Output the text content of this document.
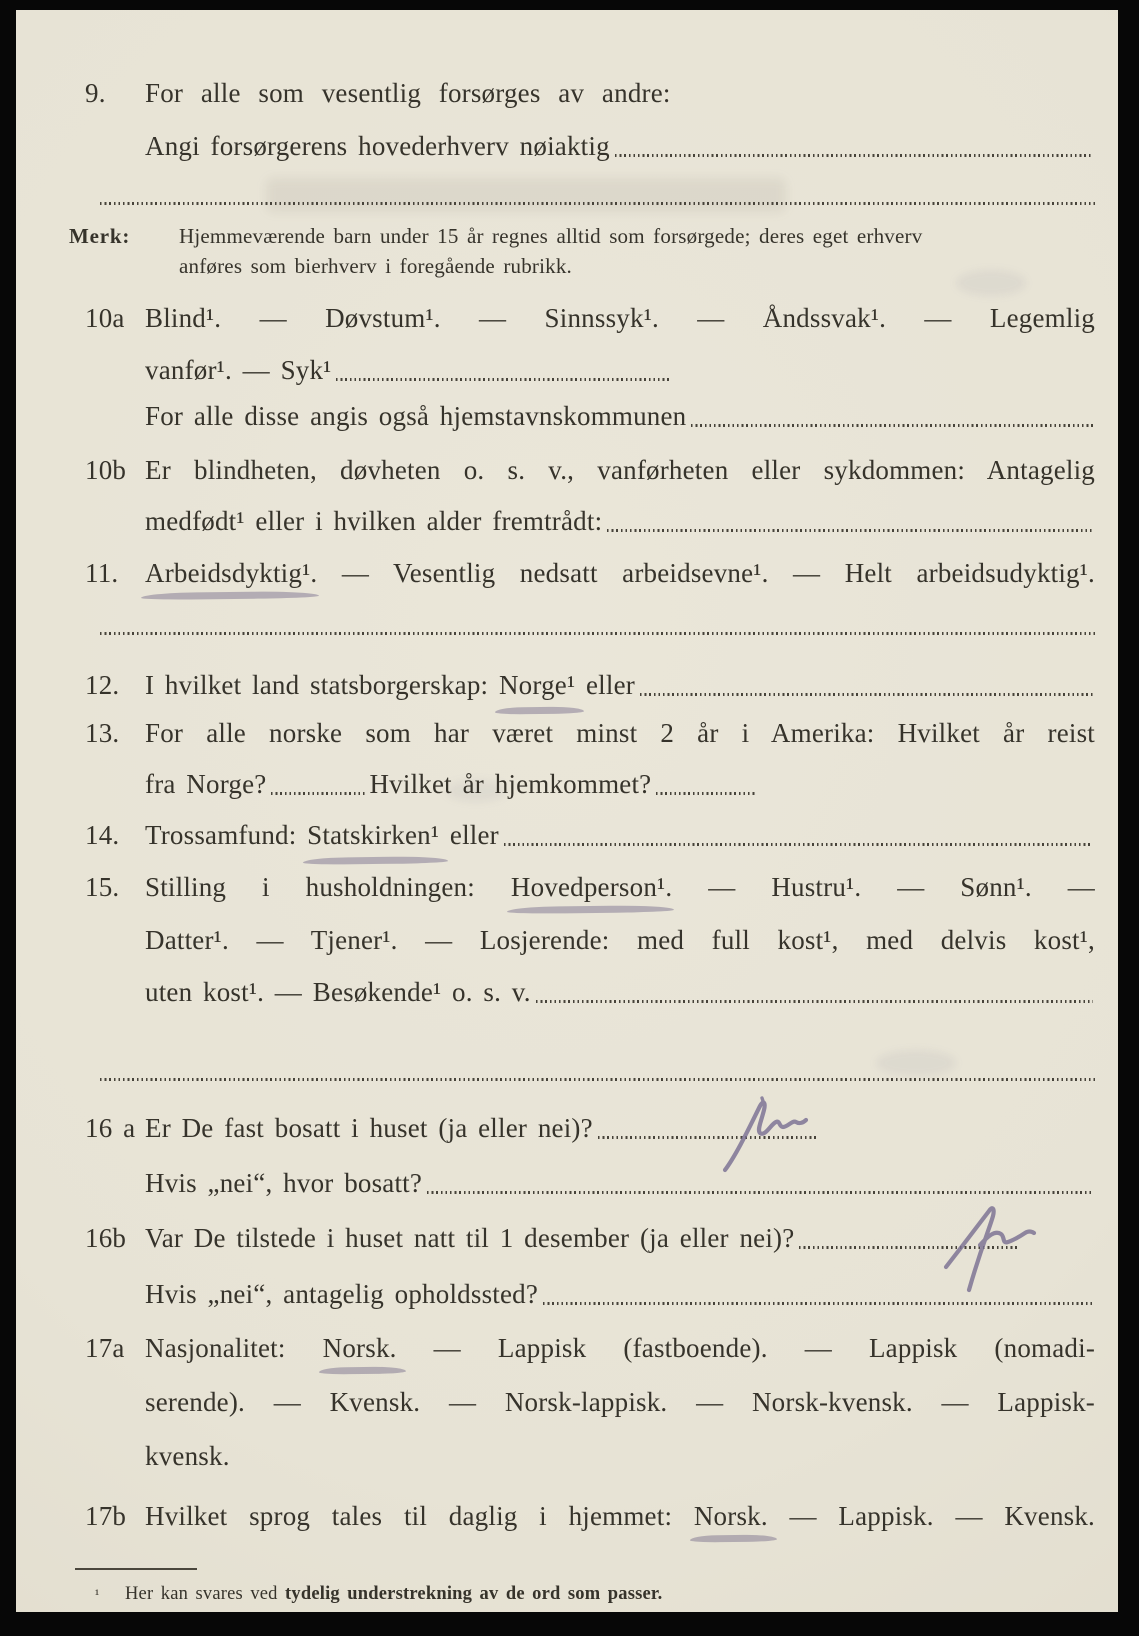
9.	For alle som vesentlig forsørges av andre:
Angi forsørgerens hovederhverv nøiaktig
Merk:	Hjemmeværende barn under 15 år regnes alltid som forsørgede; deres eget erhverv
anføres som bierhverv i foregående rubrikk.
10a Blind¹. — Døvstum¹. — Sinnssyk¹. — Åndssvak¹. — Legemlig
vanfør¹. — Syk¹
For alle disse angis også hjemstavnskommunen
10b Er blindheten, døvheten o. s. v., vanførheten eller sykdommen: Antagelig
medfødt¹ eller i hvilken alder fremtrådt:
11. Arbeidsdyktig¹. — Vesentlig nedsatt arbeidsevne¹. — Helt arbeidsudyktig¹.
12. I hvilket land statsborgerskap: Norge¹ eller
13. For alle norske som har været minst 2 år i Amerika: Hvilket år reist
fra Norge?	Hvilket år hjemkommet?
14. Trossamfund: Statskirken¹ eller
15. Stilling i husholdningen: Hovedperson¹. — Hustru¹. — Sønn¹. —
Datter¹. — Tjener¹. — Losjerende: med full kost¹, med delvis kost¹,
uten kost¹. — Besøkende¹ o. s. v.
16 a Er De fast bosatt i huset (ja eller nei)?
Hvis „nei“, hvor bosatt?
16b Var De tilstede i huset natt til 1 desember (ja eller nei)?
Hvis „nei“, antagelig opholdssted?
17a Nasjonalitet: Norsk. — Lappisk (fastboende). — Lappisk (nomadi-
serende). — Kvensk. — Norsk-lappisk. — Norsk-kvensk. — Lappisk-
kvensk.
17b Hvilket sprog tales til daglig i hjemmet: Norsk. — Lappisk. — Kvensk.
¹	Her kan svares ved tydelig understrekning av de ord som passer.
